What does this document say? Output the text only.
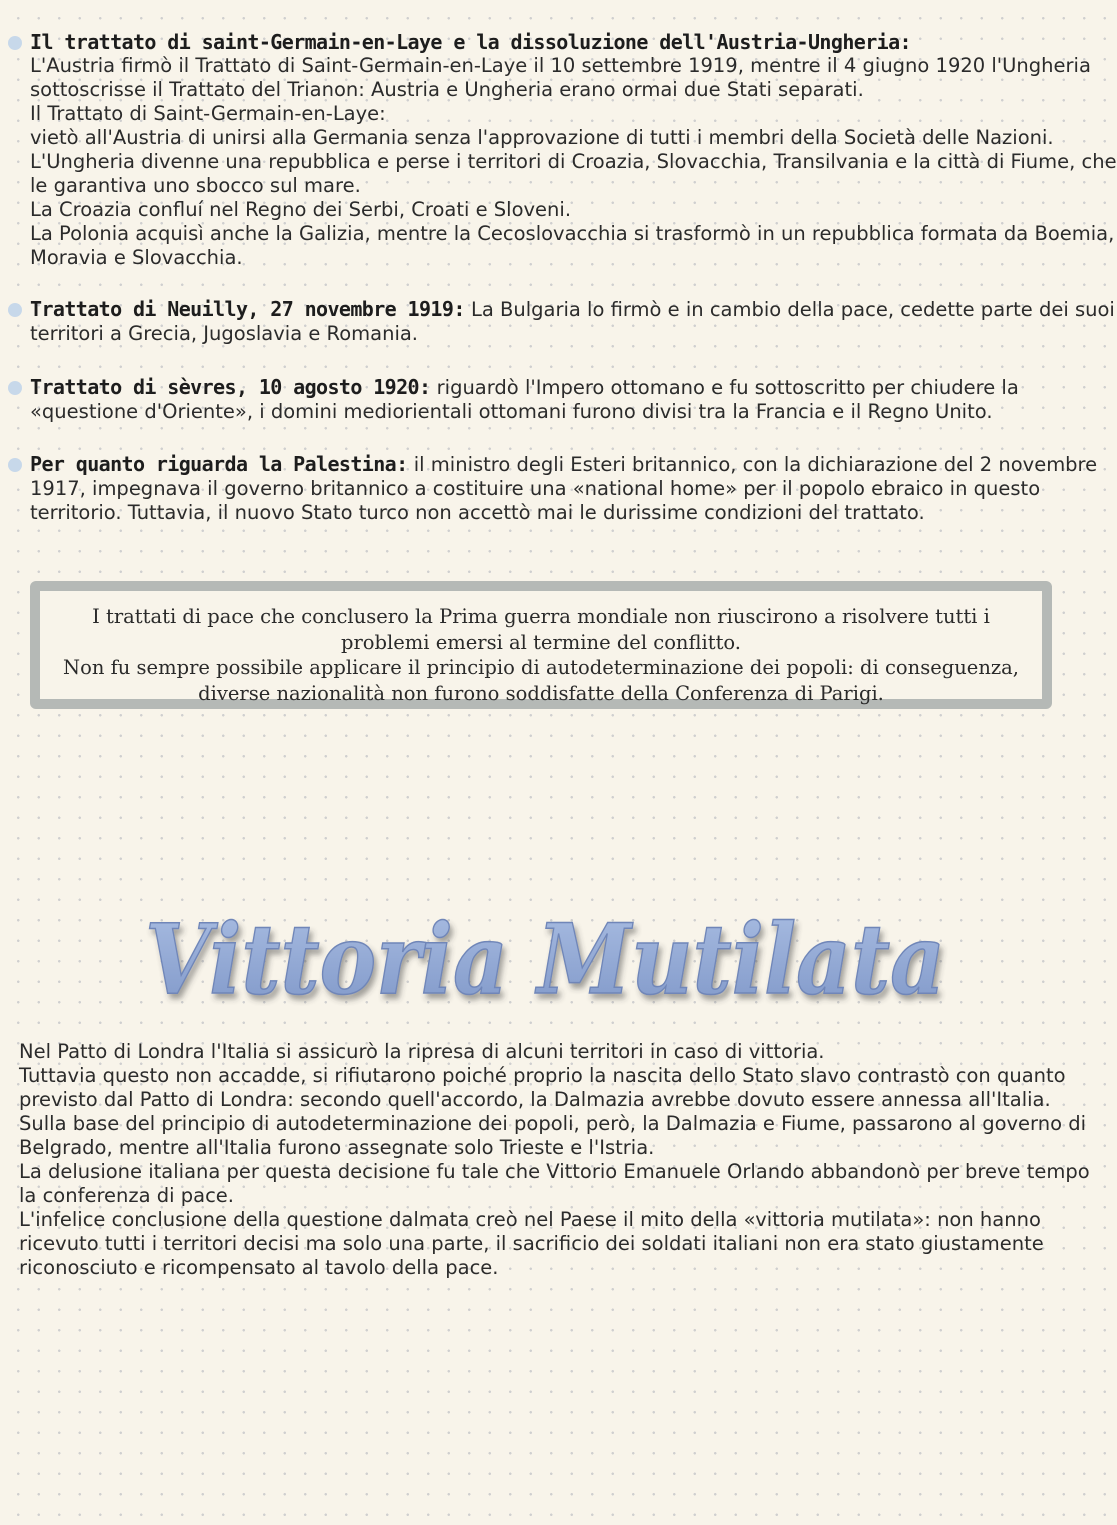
Il trattato di saint-Germain-en-Laye e la dissoluzione dell'Austria-Ungheria:
L'Austria firmò il Trattato di Saint-Germain-en-Laye il 10 settembre 1919, mentre il 4 giugno 1920 l'Ungheria
sottoscrisse il Trattato del Trianon: Austria e Ungheria erano ormai due Stati separati.
Il Trattato di Saint-Germain-en-Laye:
vietò all'Austria di unirsi alla Germania senza l'approvazione di tutti i membri della Società delle Nazioni.
L'Ungheria divenne una repubblica e perse i territori di Croazia, Slovacchia, Transilvania e la città di Fiume, che
le garantiva uno sbocco sul mare.
La Croazia confluí nel Regno dei Serbi, Croati e Sloveni.
La Polonia acquisì anche la Galizia, mentre la Cecoslovacchia si trasformò in un repubblica formata da Boemia,
Moravia e Slovacchia.
Trattato di Neuilly, 27 novembre 1919: La Bulgaria lo firmò e in cambio della pace, cedette parte dei suoi
territori a Grecia, Jugoslavia e Romania.
Trattato di sèvres, 10 agosto 1920: riguardò l'Impero ottomano e fu sottoscritto per chiudere la
«questione d'Oriente», i domini mediorientali ottomani furono divisi tra la Francia e il Regno Unito.
Per quanto riguarda la Palestina: il ministro degli Esteri britannico, con la dichiarazione del 2 novembre
1917, impegnava il governo britannico a costituire una «national home» per il popolo ebraico in questo
territorio. Tuttavia, il nuovo Stato turco non accettò mai le durissime condizioni del trattato.
I trattati di pace che conclusero la Prima guerra mondiale non riuscirono a risolvere tutti i
problemi emersi al termine del conflitto.
Non fu sempre possibile applicare il principio di autodeterminazione dei popoli: di conseguenza,
diverse nazionalità non furono soddisfatte della Conferenza di Parigi.
Vittoria Mutilata
Nel Patto di Londra l'Italia si assicurò la ripresa di alcuni territori in caso di vittoria.
Tuttavia questo non accadde, si rifiutarono poiché proprio la nascita dello Stato slavo contrastò con quanto
previsto dal Patto di Londra: secondo quell'accordo, la Dalmazia avrebbe dovuto essere annessa all'Italia.
Sulla base del principio di autodeterminazione dei popoli, però, la Dalmazia e Fiume, passarono al governo di
Belgrado, mentre all'Italia furono assegnate solo Trieste e l'Istria.
La delusione italiana per questa decisione fu tale che Vittorio Emanuele Orlando abbandonò per breve tempo
la conferenza di pace.
L'infelice conclusione della questione dalmata creò nel Paese il mito della «vittoria mutilata»: non hanno
ricevuto tutti i territori decisi ma solo una parte, il sacrificio dei soldati italiani non era stato giustamente
riconosciuto e ricompensato al tavolo della pace.
